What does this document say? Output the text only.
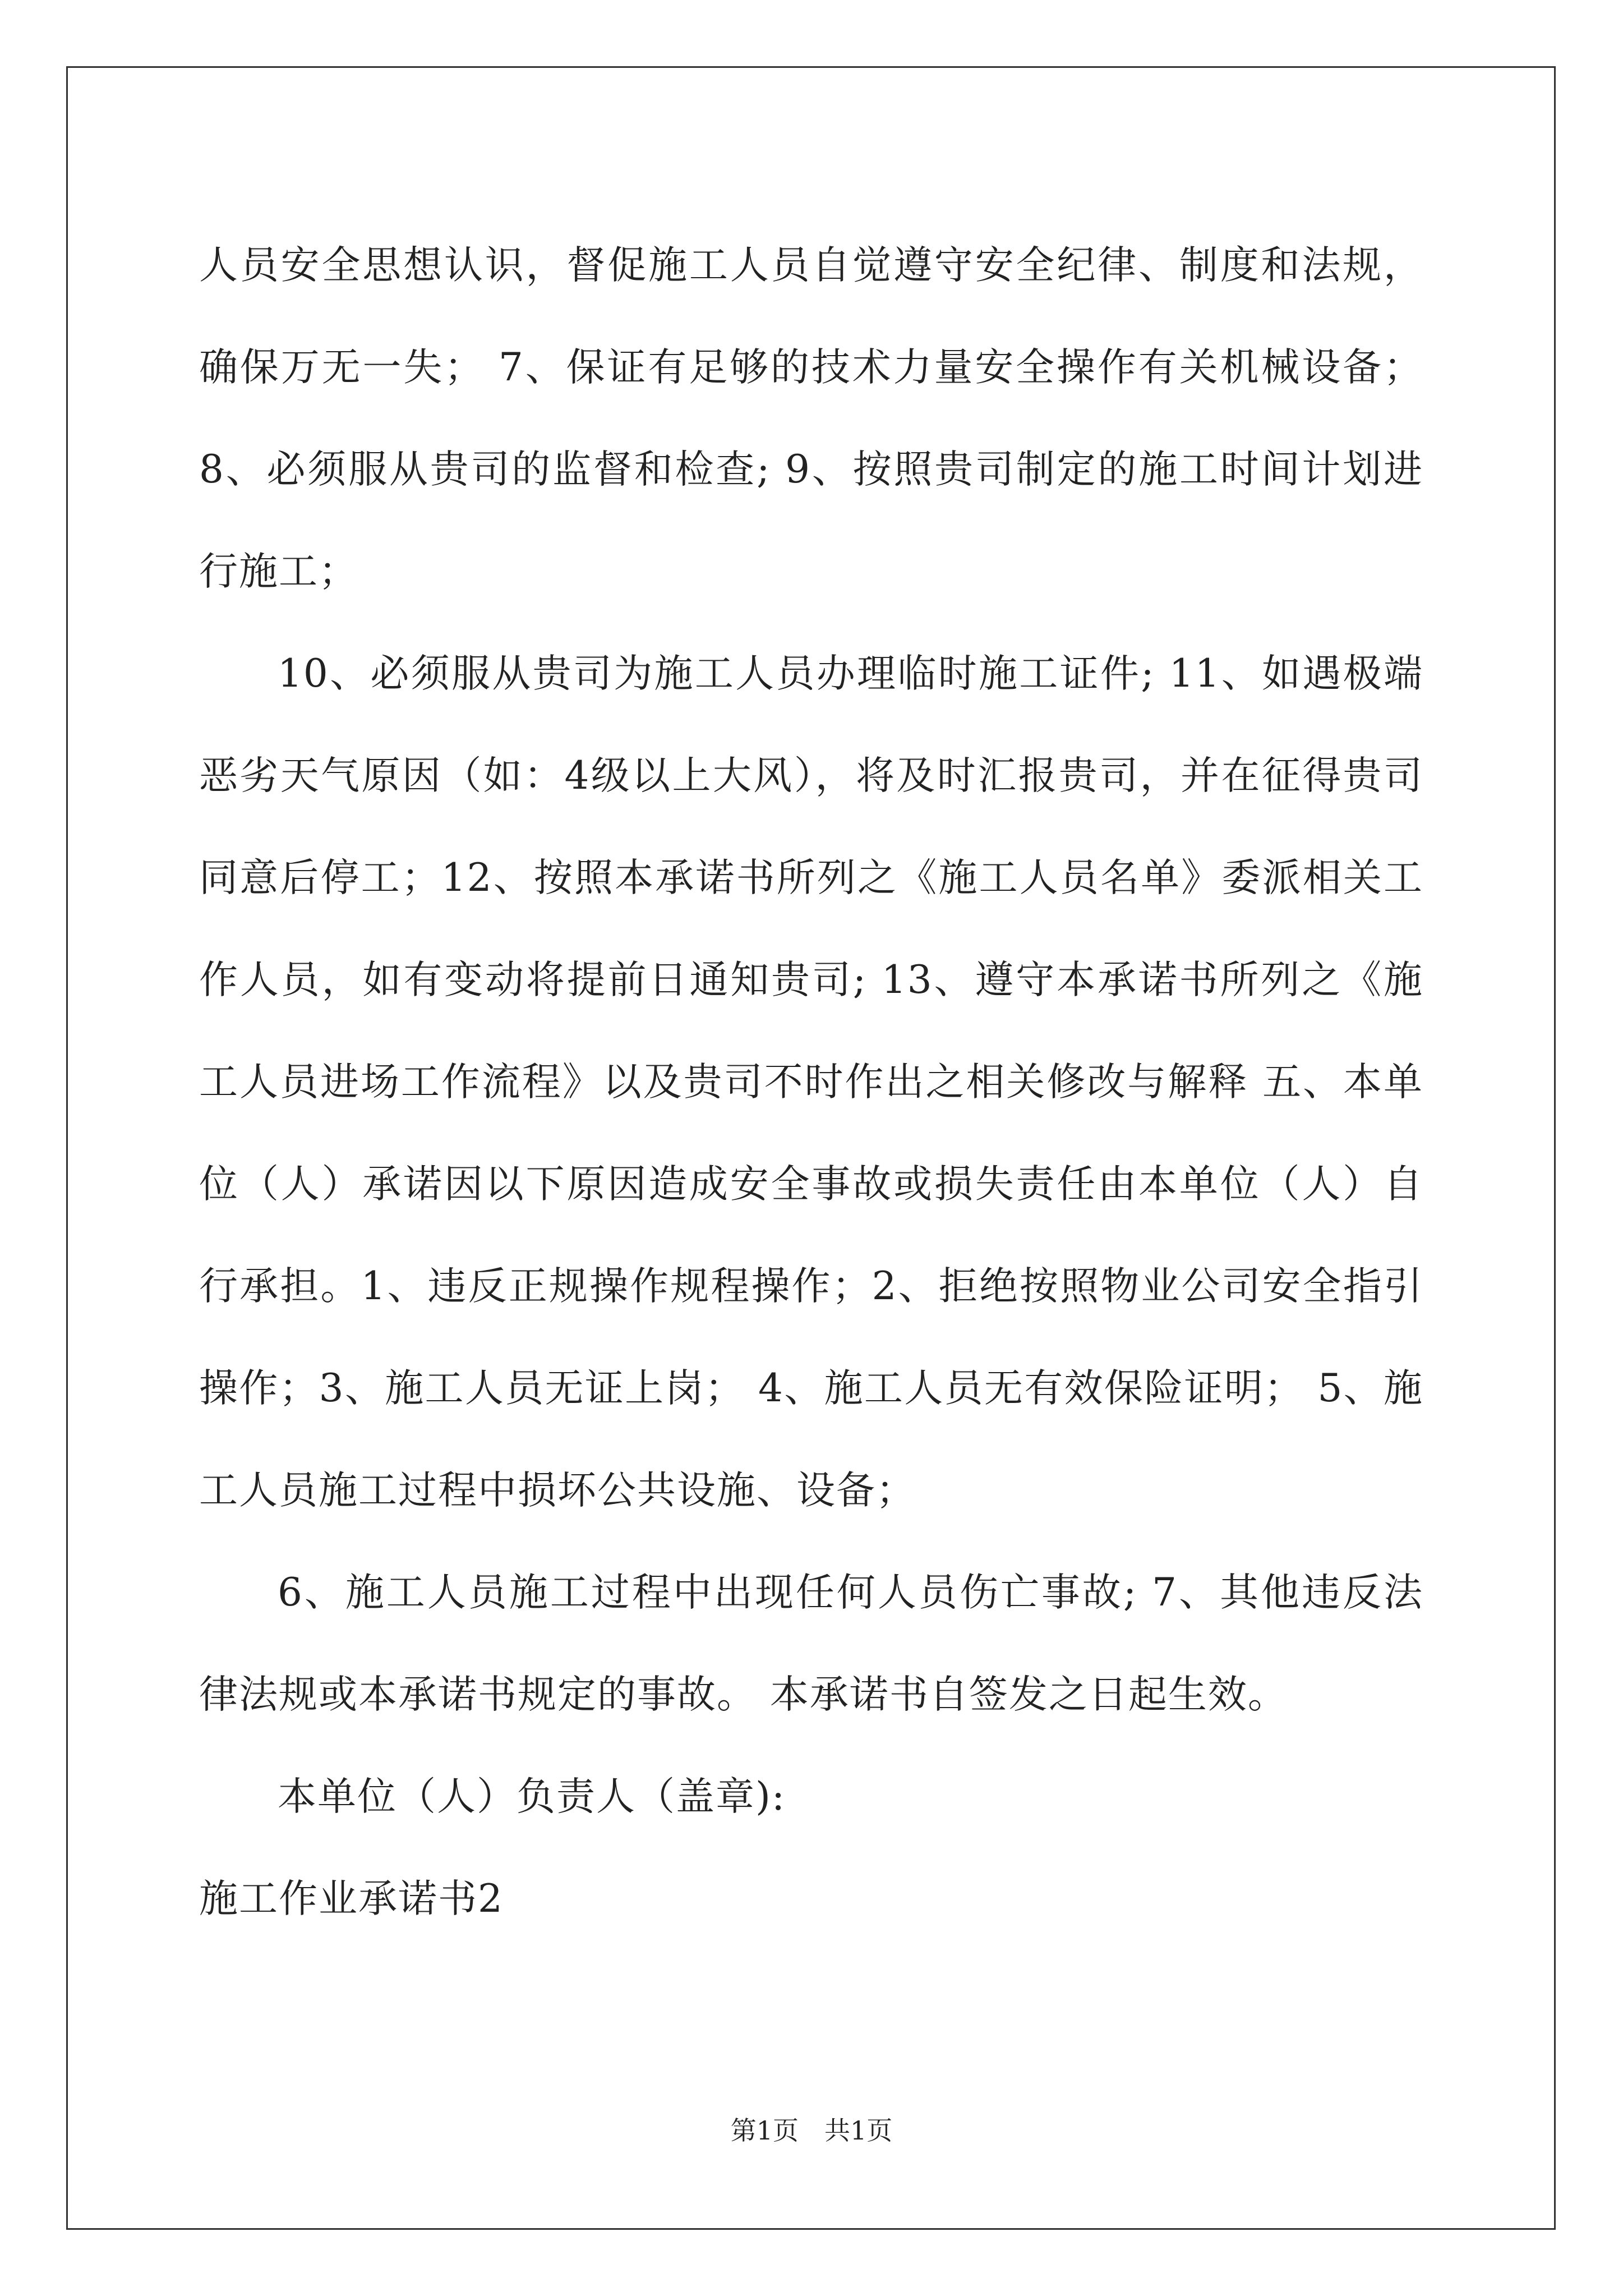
人员安全思想认识，督促施工人员自觉遵守安全纪律、制度和法规，确保万无一失； 7、保证有足够的技术力量安全操作有关机械设备；8、必须服从贵司的监督和检查; 9、按照贵司制定的施工时间计划进行施工；

10、必须服从贵司为施工人员办理临时施工证件; 11、如遇极端恶劣天气原因（如：4级以上大风），将及时汇报贵司，并在征得贵司同意后停工；12、按照本承诺书所列之《施工人员名单》委派相关工作人员，如有变动将提前日通知贵司; 13、遵守本承诺书所列之《施工人员进场工作流程》以及贵司不时作出之相关修改与解释 五、本单位（人）承诺因以下原因造成安全事故或损失责任由本单位（人）自行承担。1、违反正规操作规程操作；2、拒绝按照物业公司安全指引操作；3、施工人员无证上岗； 4、施工人员无有效保险证明； 5、施工人员施工过程中损坏公共设施、设备；

6、施工人员施工过程中出现任何人员伤亡事故; 7、其他违反法律法规或本承诺书规定的事故。 本承诺书自签发之日起生效。

本单位（人）负责人（盖章):

施工作业承诺书2

第1页　共1页
